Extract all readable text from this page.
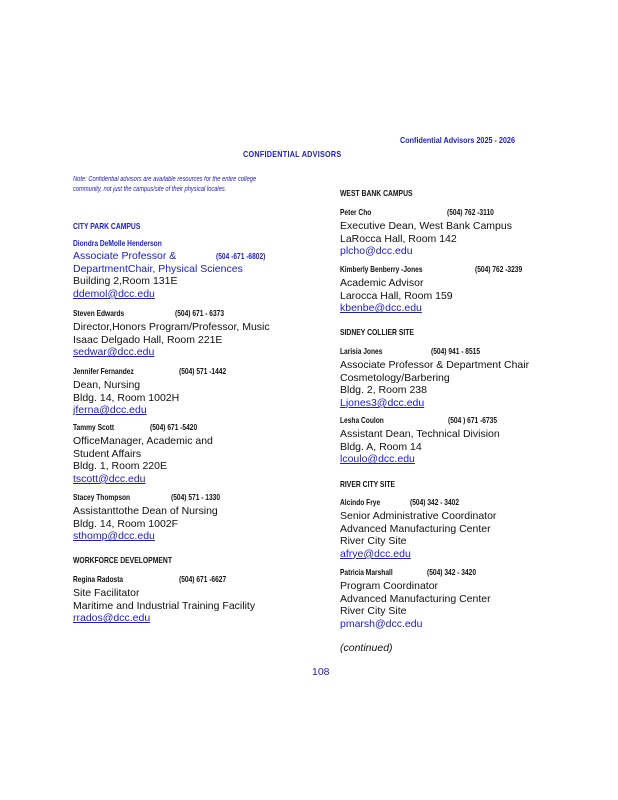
Confidential Advisors 2025 - 2026
CONFIDENTIAL ADVISORS
Note: Confidential advisors are available resources for the entire college community, not just the campus/site of their physical locales.
CITY PARK CAMPUS
Diondra DeMolle Henderson
(504 -671 -6802)
Associate Professor &
DepartmentChair, Physical Sciences
Building 2,Room 131E
ddemol@dcc.edu
Steven Edwards	(504) 671 - 6373
Director,Honors Program/Professor, Music
Isaac Delgado Hall, Room 221E
sedwar@dcc.edu
Jennifer Fernandez	(504) 571 -1442
Dean, Nursing
Bldg. 14, Room 1002H
jferna@dcc.edu
Tammy Scott	(504) 671 -5420
OfficeManager, Academic and
Student Affairs
Bldg. 1, Room 220E
tscott@dcc.edu
Stacey Thompson	(504) 571 - 1330
Assistanttothe Dean of Nursing
Bldg. 14, Room 1002F
sthomp@dcc.edu
WORKFORCE DEVELOPMENT
Regina Radosta	(504) 671 -6627
Site Facilitator
Maritime and Industrial Training Facility
rrados@dcc.edu
WEST BANK CAMPUS
Peter Cho	(504) 762 -3110
Executive Dean, West Bank Campus
LaRocca Hall, Room 142
plcho@dcc.edu
Kimberly Benberry -Jones	(504) 762 -3239
Academic Advisor
Larocca Hall, Room 159
kbenbe@dcc.edu
SIDNEY COLLIER SITE
Larisia Jones	(504) 941 - 8515
Associate Professor & Department Chair
Cosmetology/Barbering
Bldg. 2, Room 238
Ljones3@dcc.edu
Lesha Coulon	(504 ) 671 -6735
Assistant Dean, Technical Division
Bldg. A, Room 14
lcoulo@dcc.edu
RIVER CITY SITE
Alcindo Frye	(504) 342 - 3402
Senior Administrative Coordinator
Advanced Manufacturing Center
River City Site
afrye@dcc.edu
Patricia Marshall	(504) 342 - 3420
Program Coordinator
Advanced Manufacturing Center
River City Site
pmarsh@dcc.edu
(continued)
108
